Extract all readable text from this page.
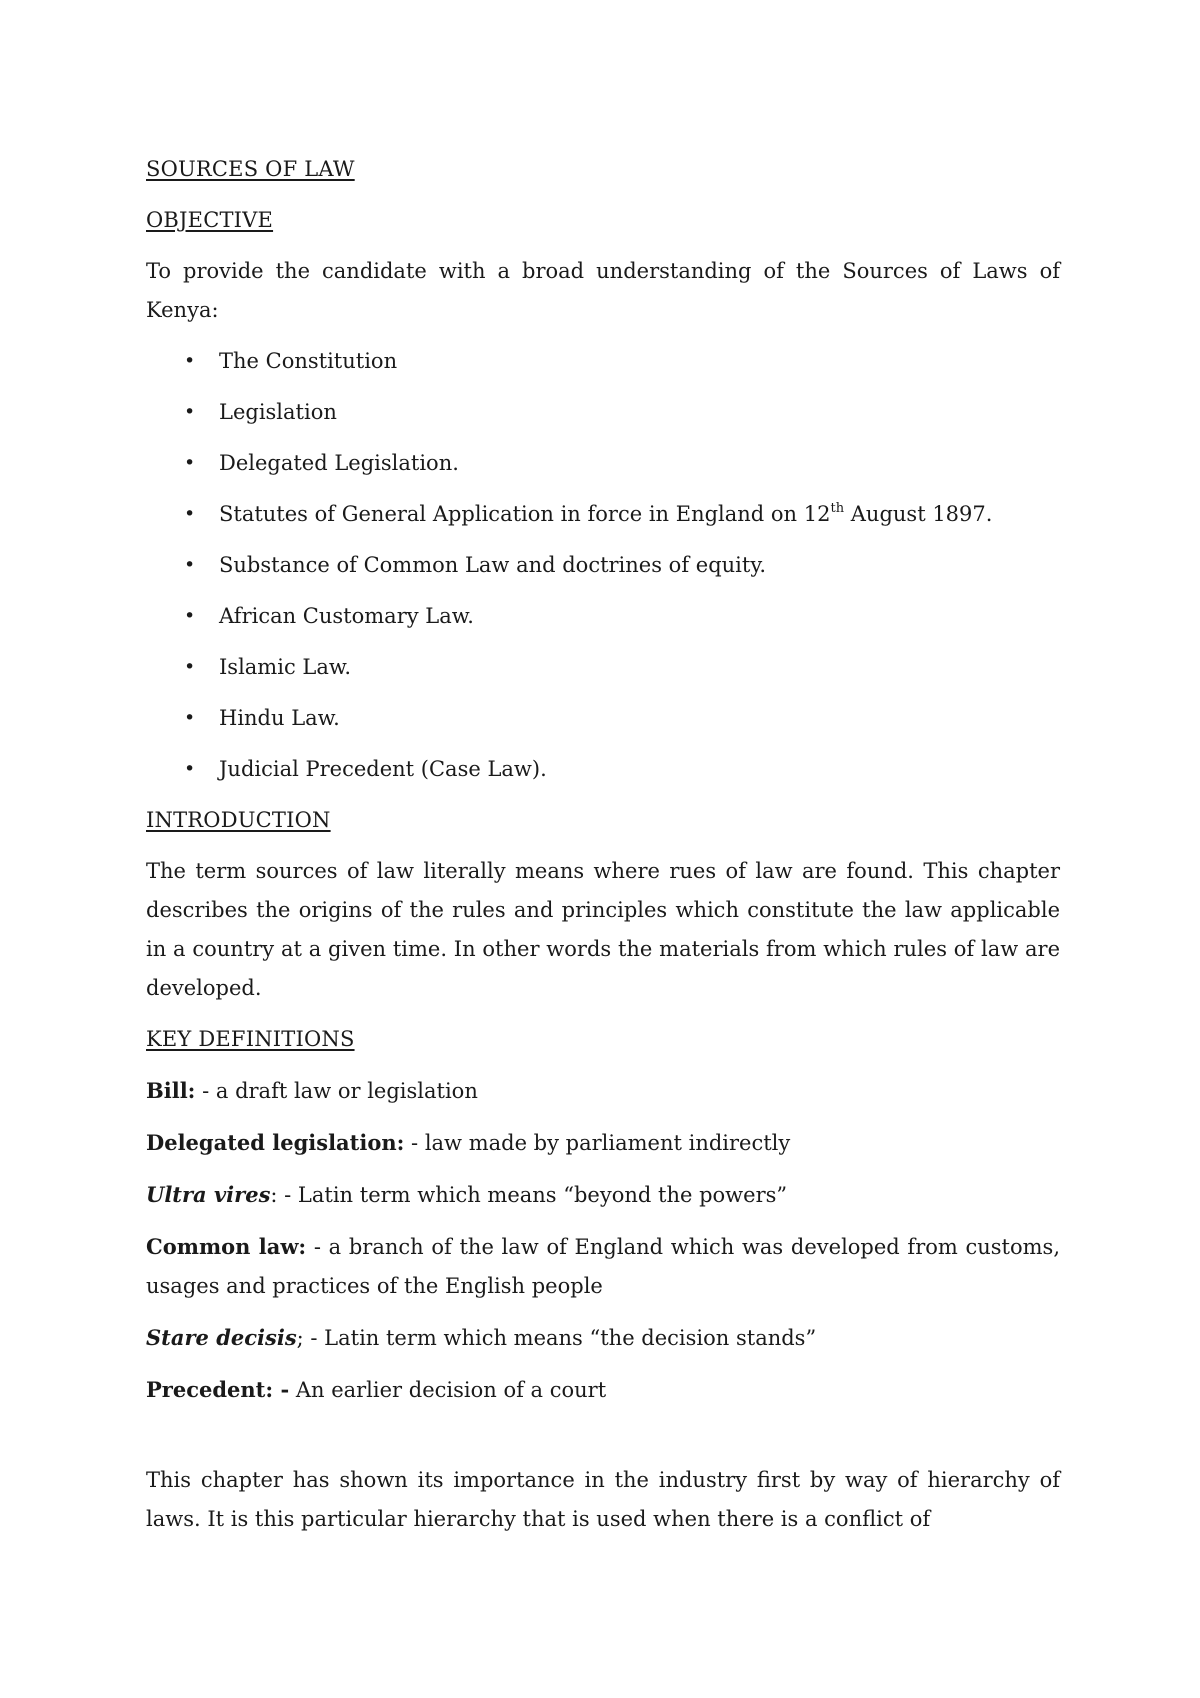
SOURCES OF LAW
OBJECTIVE
To provide the candidate with a broad understanding of the Sources of Laws of Kenya:
• The Constitution
• Legislation
• Delegated Legislation.
• Statutes of General Application in force in England on 12th August 1897.
• Substance of Common Law and doctrines of equity.
• African Customary Law.
• Islamic Law.
• Hindu Law.
• Judicial Precedent (Case Law).
INTRODUCTION
The term sources of law literally means where rues of law are found. This chapter describes the origins of the rules and principles which constitute the law applicable in a country at a given time. In other words the materials from which rules of law are developed.
KEY DEFINITIONS
Bill: - a draft law or legislation
Delegated legislation: - law made by parliament indirectly
Ultra vires: - Latin term which means “beyond the powers”
Common law: - a branch of the law of England which was developed from customs, usages and practices of the English people
Stare decisis; - Latin term which means “the decision stands”
Precedent: - An earlier decision of a court
This chapter has shown its importance in the industry first by way of hierarchy of laws. It is this particular hierarchy that is used when there is a conflict of
